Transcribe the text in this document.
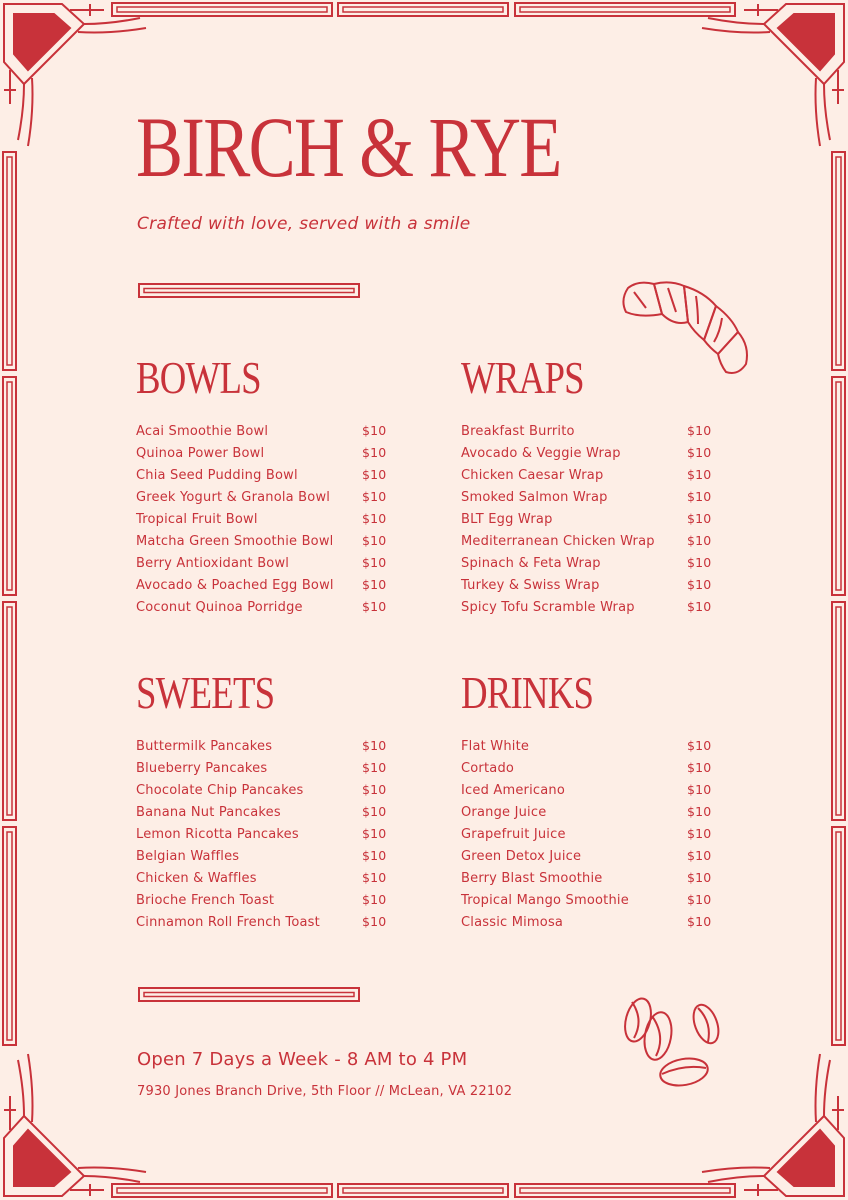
BIRCH & RYE
Crafted with love, served with a smile
BOWLS
Acai Smoothie Bowl	$10
Quinoa Power Bowl	$10
Chia Seed Pudding Bowl	$10
Greek Yogurt & Granola Bowl	$10
Tropical Fruit Bowl	$10
Matcha Green Smoothie Bowl $10
Berry Antioxidant Bowl	$10
Avocado & Poached Egg Bowl $10
Coconut Quinoa Porridge	$10
WRAPS
Breakfast Burrito	$10
Avocado & Veggie Wrap	$10
Chicken Caesar Wrap	$10
Smoked Salmon Wrap	$10
BLT Egg Wrap	$10
Mediterranean Chicken Wrap	$10
Spinach & Feta Wrap	$10
Turkey & Swiss Wrap	$10
Spicy Tofu Scramble Wrap	$10
SWEETS
Buttermilk Pancakes	$10
Blueberry Pancakes	$10
Chocolate Chip Pancakes	$10
Banana Nut Pancakes	$10
Lemon Ricotta Pancakes	$10
Belgian Waffles	$10
Chicken & Waffles	$10
Brioche French Toast	$10
Cinnamon Roll French Toast	$10
DRINKS
Flat White	$10
Cortado	$10
Iced Americano	$10
Orange Juice	$10
Grapefruit Juice	$10
Green Detox Juice	$10
Berry Blast Smoothie	$10
Tropical Mango Smoothie	$10
Classic Mimosa	$10
Open 7 Days a Week - 8 AM to 4 PM
7930 Jones Branch Drive, 5th Floor // McLean, VA 22102
